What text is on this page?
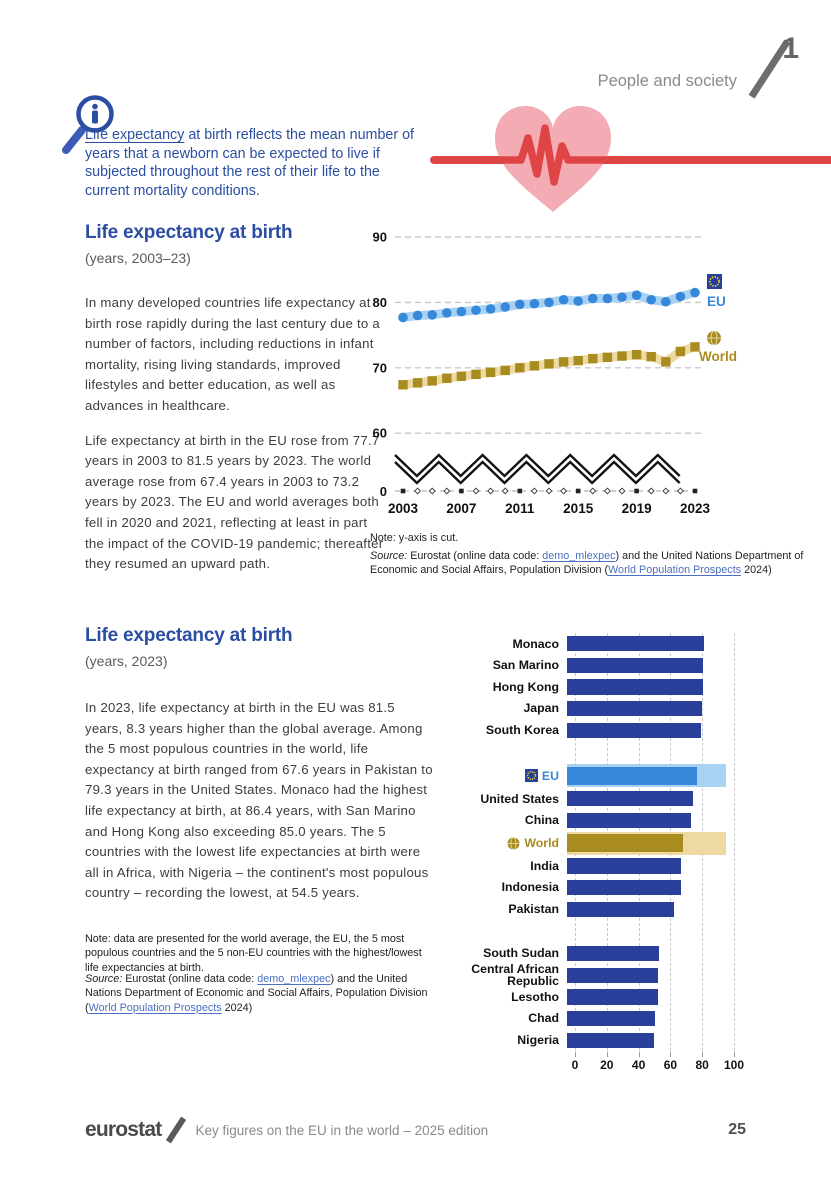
People and society
1
Life expectancy at birth reflects the mean number of years that a newborn can be expected to live if subjected throughout the rest of their life to the current mortality conditions.
Life expectancy at birth
(years, 2003–23)

In many developed countries life expectancy at birth rose rapidly during the last century due to a number of factors, including reductions in infant mortality, rising living standards, improved lifestyles and better education, as well as advances in healthcare.

Life expectancy at birth in the EU rose from 77.7 years in 2003 to 81.5 years by 2023. The world average rose from 67.4 years in 2003 to 73.2 years by 2023. The EU and world averages both fell in 2020 and 2021, reflecting at least in part the impact of the COVID-19 pandemic; thereafter they resumed an upward path.

90
80
70
60
0
2003 2007 2011 2015 2019 2023
EU
World
Note: y-axis is cut.
Source: Eurostat (online data code: demo_mlexpec) and the United Nations Department of Economic and Social Affairs, Population Division (World Population Prospects 2024)
Life expectancy at birth
(years, 2023)

In 2023, life expectancy at birth in the EU was 81.5 years, 8.3 years higher than the global average. Among the 5 most populous countries in the world, life expectancy at birth ranged from 67.6 years in Pakistan to 79.3 years in the United States. Monaco had the highest life expectancy at birth, at 86.4 years, with San Marino and Hong Kong also exceeding 85.0 years. The 5 countries with the lowest life expectancies at birth were all in Africa, with Nigeria – the continent's most populous country – recording the lowest, at 54.5 years.

Note: data are presented for the world average, the EU, the 5 most populous countries and the 5 non-EU countries with the highest/lowest life expectancies at birth.
Source: Eurostat (online data code: demo_mlexpec) and the United Nations Department of Economic and Social Affairs, Population Division (World Population Prospects 2024)
Monaco
San Marino
Hong Kong
Japan
South Korea
EU
United States
China
World
India
Indonesia
Pakistan
South Sudan
Central African Republic
Lesotho
Chad
Nigeria
0 20 40 60 80 100
eurostat	Key figures on the EU in the world – 2025 edition	25
